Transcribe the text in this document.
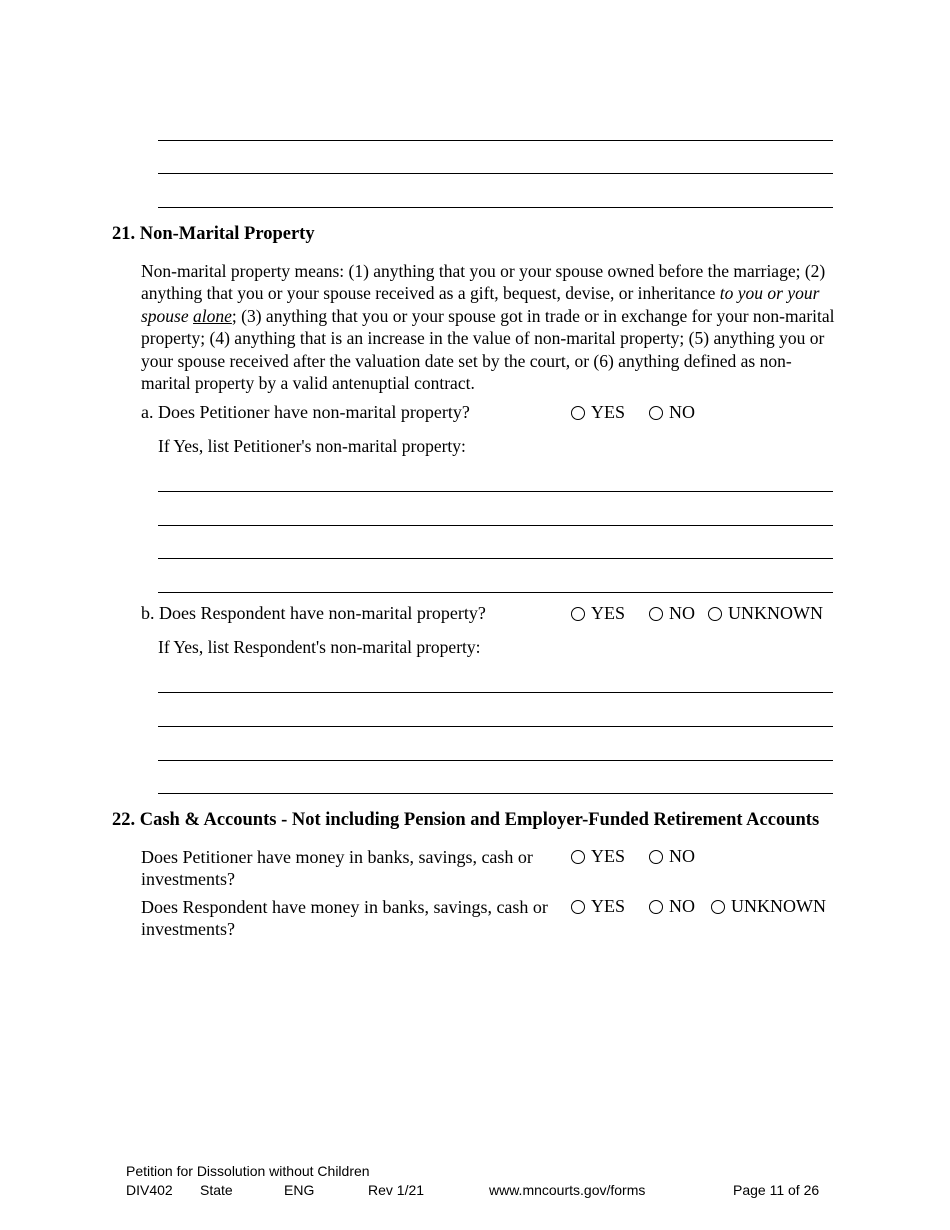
21. Non-Marital Property
Non-marital property means: (1) anything that you or your spouse owned before the marriage; (2) anything that you or your spouse received as a gift, bequest, devise, or inheritance to you or your spouse alone; (3) anything that you or your spouse got in trade or in exchange for your non-marital property; (4) anything that is an increase in the value of non-marital property; (5) anything you or your spouse received after the valuation date set by the court, or (6) anything defined as non-marital property by a valid antenuptial contract.
a. Does Petitioner have non-marital property?	YES NO
If Yes, list Petitioner's non-marital property:
b. Does Respondent have non-marital property?	YES NO UNKNOWN
If Yes, list Respondent's non-marital property:
22. Cash & Accounts - Not including Pension and Employer-Funded Retirement Accounts
Does Petitioner have money in banks, savings, cash or investments?
YES NO
Does Respondent have money in banks, savings, cash or investments?
YES NO UNKNOWN
Petition for Dissolution without Children
DIV402 State	ENG	Rev 1/21	www.mncourts.gov/forms	Page 11 of 26
